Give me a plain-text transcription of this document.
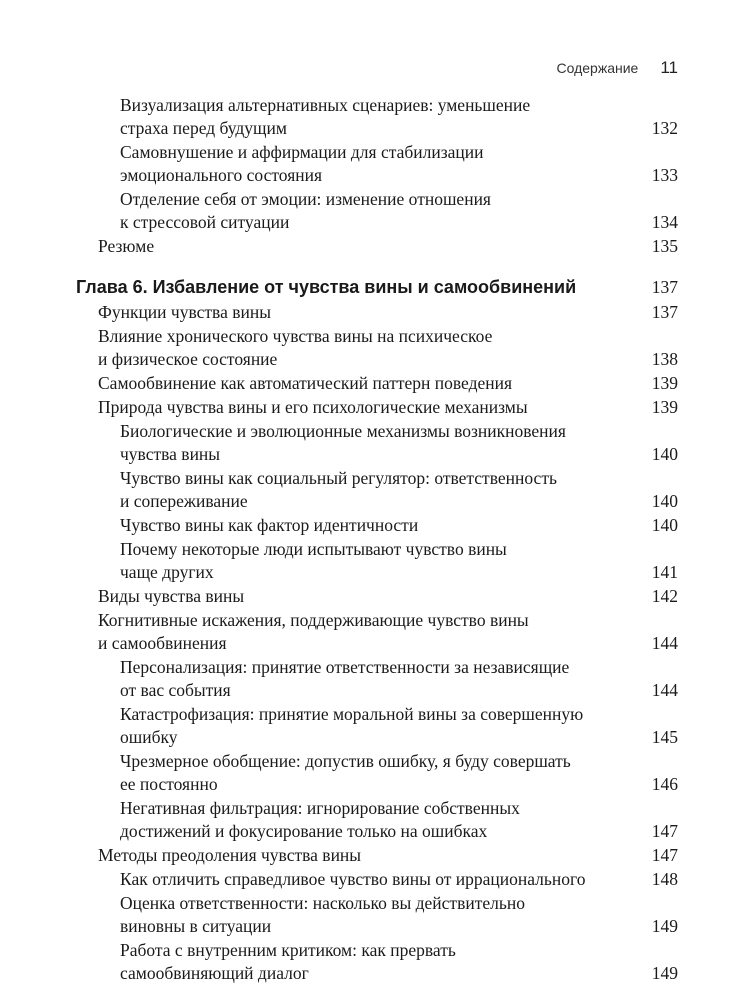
Содержание 11
Визуализация альтернативных сценариев: уменьшение
страха перед будущим	132
Самовнушение и аффирмации для стабилизации
эмоционального состояния	133
Отделение себя от эмоции: изменение отношения
к стрессовой ситуации	134
Резюме	135
Глава 6. Избавление от чувства вины и самообвинений	137
Функции чувства вины	137
Влияние хронического чувства вины на психическое
и физическое состояние	138
Самообвинение как автоматический паттерн поведения	139
Природа чувства вины и его психологические механизмы	139
Биологические и эволюционные механизмы возникновения
чувства вины	140
Чувство вины как социальный регулятор: ответственность
и сопереживание	140
Чувство вины как фактор идентичности	140
Почему некоторые люди испытывают чувство вины
чаще других	141
Виды чувства вины	142
Когнитивные искажения, поддерживающие чувство вины
и самообвинения	144
Персонализация: принятие ответственности за независящие
от вас события	144
Катастрофизация: принятие моральной вины за совершенную
ошибку	145
Чрезмерное обобщение: допустив ошибку, я буду совершать
ее постоянно	146
Негативная фильтрация: игнорирование собственных
достижений и фокусирование только на ошибках	147
Методы преодоления чувства вины	147
Как отличить справедливое чувство вины от иррационального	148
Оценка ответственности: насколько вы действительно
виновны в ситуации	149
Работа с внутренним критиком: как прервать
самообвиняющий диалог	149
